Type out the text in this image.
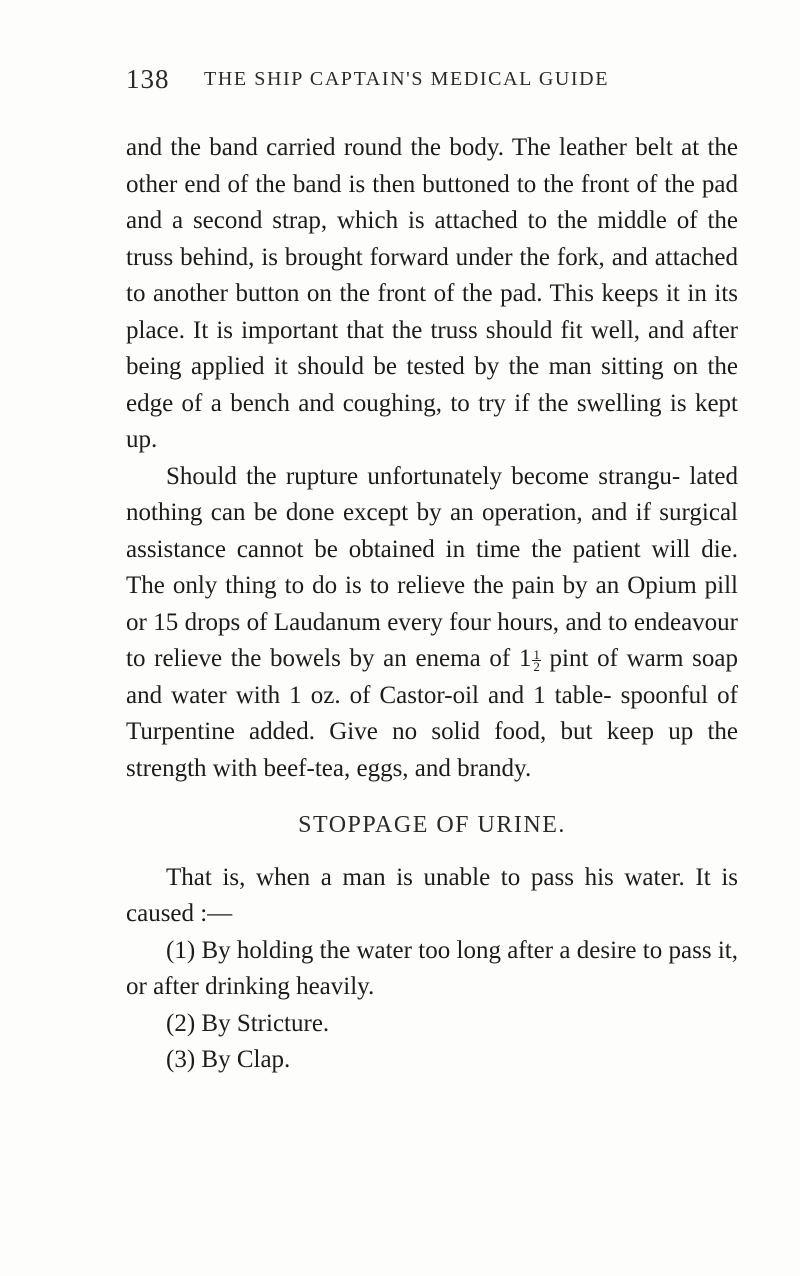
138 THE SHIP CAPTAIN'S MEDICAL GUIDE

and the band carried round the body. The leather belt at the other end of the band is then buttoned to the front of the pad and a second strap, which is attached to the middle of the truss behind, is brought forward under the fork, and attached to another button on the front of the pad. This keeps it in its place. It is important that the truss should fit well, and after being applied it should be tested by the man sitting on the edge of a bench and coughing, to try if the swelling is kept up.

Should the rupture unfortunately become strangu- lated nothing can be done except by an operation, and if surgical assistance cannot be obtained in time the patient will die. The only thing to do is to relieve the pain by an Opium pill or 15 drops of Laudanum every four hours, and to endeavour to relieve the bowels by an enema of $1 \frac{1}{2}$ pint of warm soap and water with 1 oz. of Castor-oil and 1 table- spoonful of Turpentine added. Give no solid food, but keep up the strength with beef-tea, eggs, and brandy.

STOPPAGE OF URINE.

That is, when a man is unable to pass his water. It is caused :—

(1) By holding the water too long after a desire to pass it, or after drinking heavily.

(2) By Stricture.

(3) By Clap.
